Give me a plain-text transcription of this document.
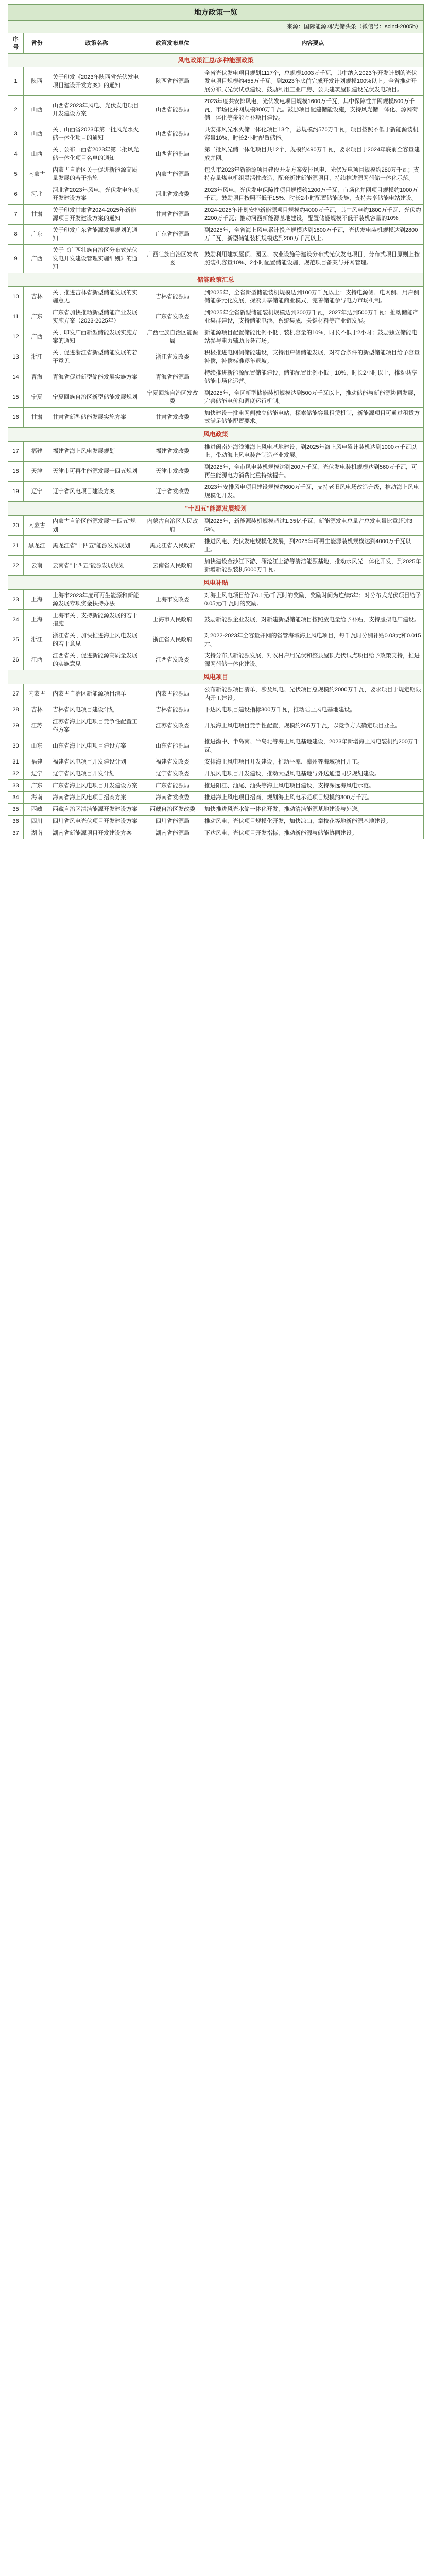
地方政策一览				
来源：国际能源网/光储头条（微信号：sclnd-2005b）				
序号	省份	政策名称	政策发布单位	内容要点
风电政策汇总/多种能源政策				
1	陕西	关于印发《2023年陕西省光伏发电项目建设开发方案》的通知	陕西省能源局	全省光伏发电项目规划1117个，总规模1003万千瓦，其中纳入2023年开发计划的光伏发电项目规模约455万千瓦。到2023年底前完成开发计划规模100%以上。全省推动开展分布式光伏试点建设，鼓励利用工业厂房、公共建筑屋顶建设光伏发电项目。
2	山西	山西省2023年风电、光伏发电项目开发建设方案	山西省能源局	2023年度共安排风电、光伏发电项目规模1600万千瓦，其中保障性并网规模800万千瓦，市场化并网规模800万千瓦。鼓励项目配建储能设施，支持风光储一体化、源网荷储一体化等多能互补项目建设。
3	山西	关于山西省2023年第一批风光水火储一体化项目的通知	山西省能源局	共安排风光水火储一体化项目13个，总规模约570万千瓦，项目按照不低于新能源装机容量10%、时长2小时配置储能。
4	山西	关于公布山西省2023年第二批风光储一体化项目名单的通知	山西省能源局	第二批风光储一体化项目共12个，规模约490万千瓦，要求项目于2024年底前全容量建成并网。
5	内蒙古	内蒙古自治区关于促进新能源高质量发展的若干措施	内蒙古能源局	包头市2023年新能源项目建设开发方案安排风电、光伏发电项目规模约280万千瓦；支持存量煤电机组灵活性改造，配套新建新能源项目，持续推进源网荷储一体化示范。
6	河北	河北省2023年风电、光伏发电年度开发建设方案	河北省发改委	2023年风电、光伏发电保障性项目规模约1200万千瓦，市场化并网项目规模约1000万千瓦；鼓励项目按照不低于15%、时长2小时配置储能设施，支持共享储能电站建设。
7	甘肃	关于印发甘肃省2024-2025年新能源项目开发建设方案的通知	甘肃省能源局	2024-2025年计划安排新能源项目规模约4000万千瓦，其中风电约1800万千瓦、光伏约2200万千瓦；推动河西新能源基地建设，配置储能规模不低于装机容量的10%。
8	广东	关于印发广东省能源发展规划的通知	广东省能源局	到2025年，全省海上风电累计投产规模达到1800万千瓦，光伏发电装机规模达到2800万千瓦，新型储能装机规模达到200万千瓦以上。
9	广西	关于《广西壮族自治区分布式光伏发电开发建设管理实施细则》的通知	广西壮族自治区发改委	鼓励利用建筑屋顶、园区、农业设施等建设分布式光伏发电项目，分布式项目原则上按照装机容量10%、2小时配置储能设施，规范项目备案与并网管理。
储能政策汇总				
10	吉林	关于推进吉林省新型储能发展的实施意见	吉林省能源局	到2025年，全省新型储能装机规模达到100万千瓦以上；支持电源侧、电网侧、用户侧储能多元化发展，探索共享储能商业模式，完善储能参与电力市场机制。
11	广东	广东省加快推动新型储能产业发展实施方案（2023-2025年）	广东省发改委	到2025年全省新型储能装机规模达到300万千瓦，2027年达到500万千瓦；推动储能产业集群建设，支持储能电池、系统集成、关键材料等产业链发展。
12	广西	关于印发广西新型储能发展实施方案的通知	广西壮族自治区能源局	新能源项目配置储能比例不低于装机容量的10%，时长不低于2小时；鼓励独立储能电站参与电力辅助服务市场。
13	浙江	关于促进浙江省新型储能发展的若干意见	浙江省发改委	积极推进电网侧储能建设，支持用户侧储能发展，对符合条件的新型储能项目给予容量补偿，补偿标准逐年退坡。
14	青海	青海省促进新型储能发展实施方案	青海省能源局	持续推进新能源配置储能建设，储能配置比例不低于10%、时长2小时以上，推动共享储能市场化运营。
15	宁夏	宁夏回族自治区新型储能发展规划	宁夏回族自治区发改委	到2025年，全区新型储能装机规模达到500万千瓦以上，推动储能与新能源协同发展，完善储能电价和调度运行机制。
16	甘肃	甘肃省新型储能发展实施方案	甘肃省发改委	加快建设一批电网侧独立储能电站，探索储能容量租赁机制，新能源项目可通过租赁方式满足储能配置要求。
风电政策				
17	福建	福建省海上风电发展规划	福建省发改委	推进闽南外海浅滩海上风电基地建设，到2025年海上风电累计装机达到1000万千瓦以上，带动海上风电装备制造产业发展。
18	天津	天津市可再生能源发展十四五规划	天津市发改委	到2025年，全市风电装机规模达到200万千瓦，光伏发电装机规模达到560万千瓦，可再生能源电力消费比重持续提升。
19	辽宁	辽宁省风电项目建设方案	辽宁省发改委	2023年安排风电项目建设规模约600万千瓦，支持老旧风电场改造升级，推动海上风电规模化开发。
"十四五"能源发展规划				
20	内蒙古	内蒙古自治区能源发展"十四五"规划	内蒙古自治区人民政府	到2025年，新能源装机规模超过1.35亿千瓦，新能源发电总量占总发电量比重超过35%。
21	黑龙江	黑龙江省"十四五"能源发展规划	黑龙江省人民政府	推进风电、光伏发电规模化发展，到2025年可再生能源装机规模达到4000万千瓦以上。
22	云南	云南省"十四五"能源发展规划	云南省人民政府	加快建设金沙江下游、澜沧江上游等清洁能源基地，推动水风光一体化开发，到2025年新增新能源装机5000万千瓦。
风电补贴				
23	上海	上海市2023年度可再生能源和新能源发展专项资金扶持办法	上海市发改委	对海上风电项目给予0.1元/千瓦时的奖励，奖励时间为连续5年；对分布式光伏项目给予0.05元/千瓦时的奖励。
24	上海	上海市关于支持新能源发展的若干措施	上海市人民政府	鼓励新能源企业发展，对新建新型储能项目按照放电量给予补贴，支持虚拟电厂建设。
25	浙江	浙江省关于加快推进海上风电发展的若干意见	浙江省人民政府	对2022-2023年全容量并网的省管海域海上风电项目，每千瓦时分别补贴0.03元和0.015元。
26	江西	江西省关于促进新能源高质量发展的实施意见	江西省发改委	支持分布式新能源发展，对农村户用光伏和整县屋顶光伏试点项目给予政策支持，推进源网荷储一体化建设。
风电项目				
27	内蒙古	内蒙古自治区新能源项目清单	内蒙古能源局	公布新能源项目清单，涉及风电、光伏项目总规模约2000万千瓦，要求项目于规定期限内开工建设。
28	吉林	吉林省风电项目建设计划	吉林省能源局	下达风电项目建设指标300万千瓦，推动陆上风电基地建设。
29	江苏	江苏省海上风电项目竞争性配置工作方案	江苏省发改委	开展海上风电项目竞争性配置，规模约265万千瓦，以竞争方式确定项目业主。
30	山东	山东省海上风电项目建设方案	山东省能源局	推进渤中、半岛南、半岛北等海上风电基地建设，2023年新增海上风电装机约200万千瓦。
31	福建	福建省风电项目开发建设计划	福建省发改委	安排海上风电项目开发建设，推动平潭、漳州等海域项目开工。
32	辽宁	辽宁省风电项目开发计划	辽宁省发改委	开展风电项目开发建设，推动大型风电基地与外送通道同步规划建设。
33	广东	广东省海上风电项目开发建设方案	广东省能源局	推进阳江、汕尾、汕头等海上风电项目建设，支持深远海风电示范。
34	海南	海南省海上风电项目招商方案	海南省发改委	推进海上风电项目招商，规划海上风电示范项目规模约300万千瓦。
35	西藏	西藏自治区清洁能源开发建设方案	西藏自治区发改委	加快推进风光水储一体化开发，推动清洁能源基地建设与外送。
36	四川	四川省风电光伏项目开发建设方案	四川省能源局	推动风电、光伏项目规模化开发，加快凉山、攀枝花等地新能源基地建设。
37	湖南	湖南省新能源项目开发建设方案	湖南省能源局	下达风电、光伏项目开发指标，推动新能源与储能协同建设。
